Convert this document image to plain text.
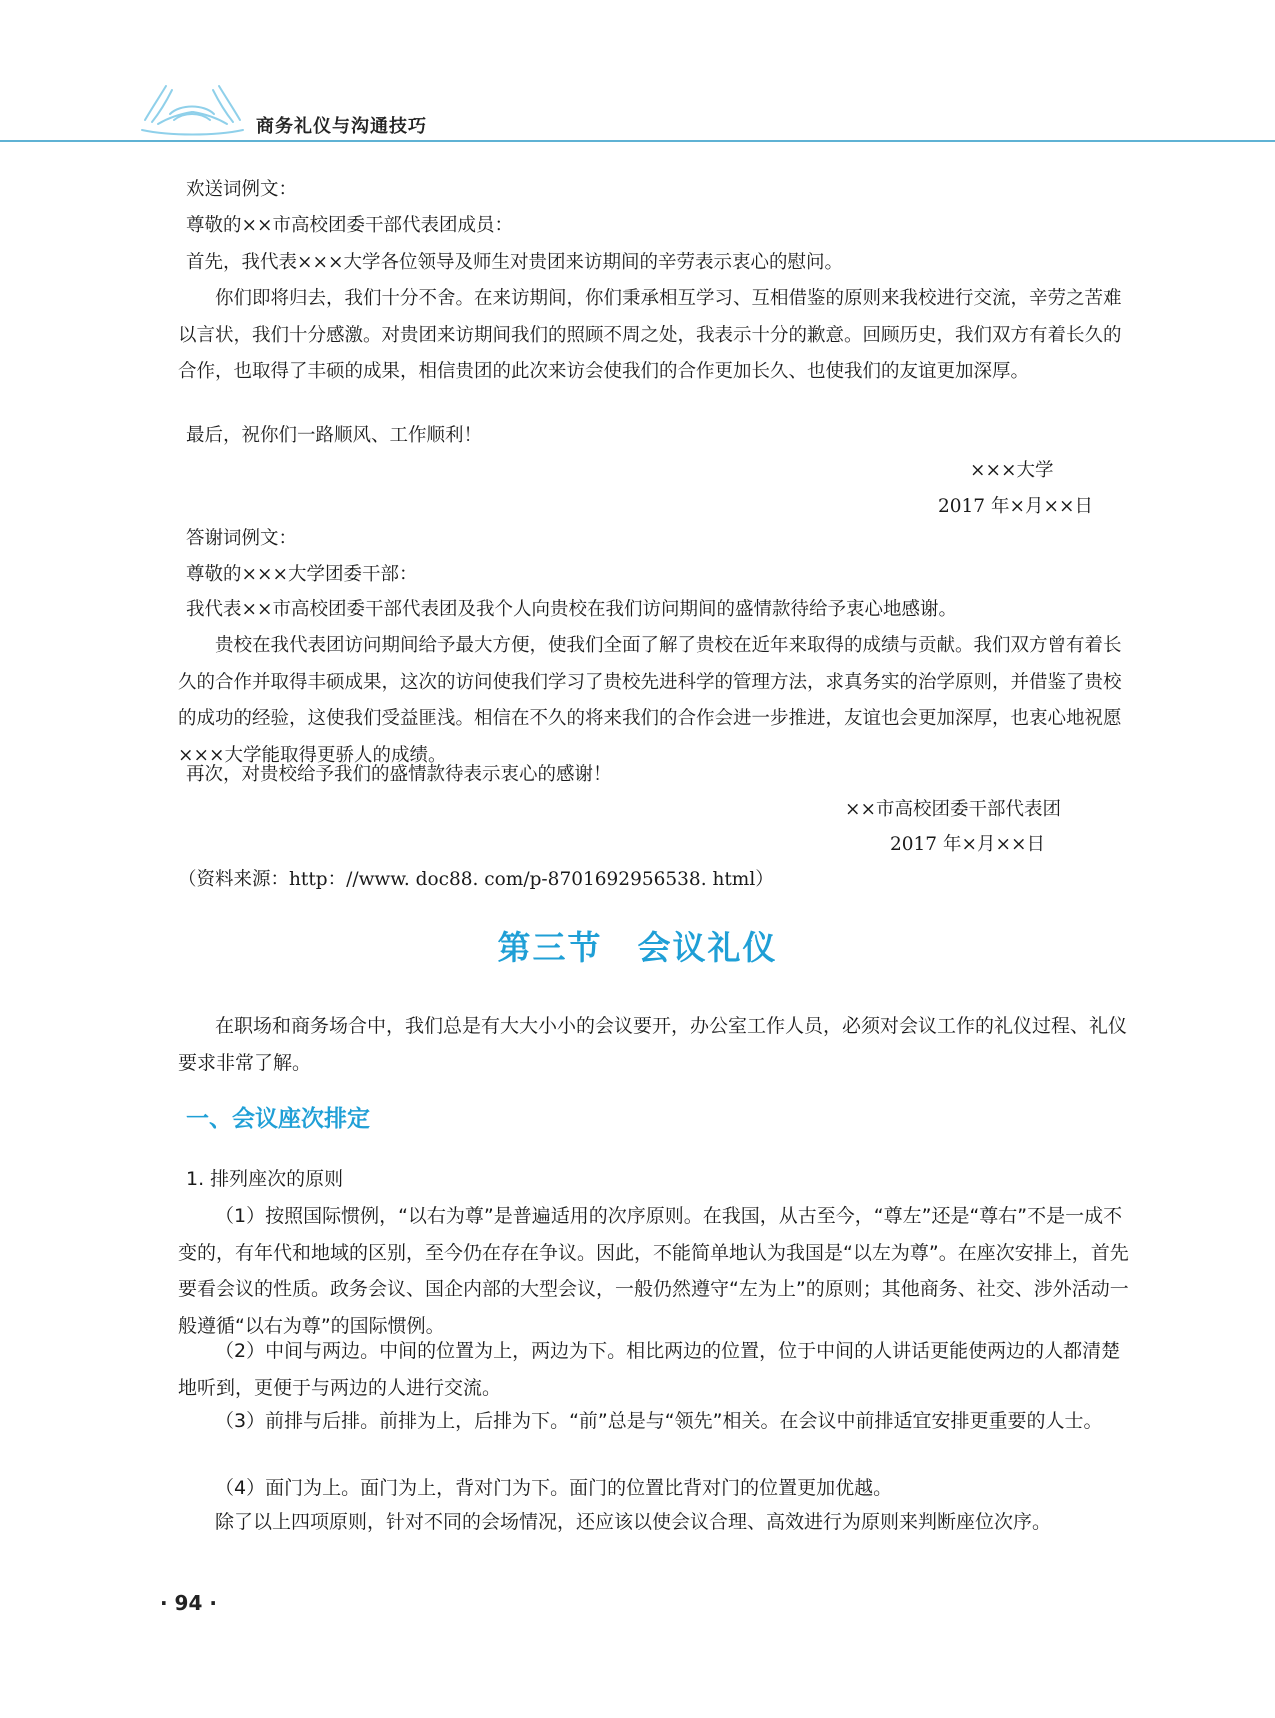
商务礼仪与沟通技巧

欢送词例文：

尊敬的××市高校团委干部代表团成员：

首先，我代表×××大学各位领导及师生对贵团来访期间的辛劳表示衷心的慰问。

你们即将归去，我们十分不舍。在来访期间，你们秉承相互学习、互相借鉴的原则来我校进行交流，辛劳之苦难以言状，我们十分感激。对贵团来访期间我们的照顾不周之处，我表示十分的歉意。回顾历史，我们双方有着长久的合作，也取得了丰硕的成果，相信贵团的此次来访会使我们的合作更加长久、也使我们的友谊更加深厚。

最后，祝你们一路顺风、工作顺利！

×××大学
2017 年×月××日

答谢词例文：

尊敬的×××大学团委干部：

我代表××市高校团委干部代表团及我个人向贵校在我们访问期间的盛情款待给予衷心地感谢。

贵校在我代表团访问期间给予最大方便，使我们全面了解了贵校在近年来取得的成绩与贡献。我们双方曾有着长久的合作并取得丰硕成果，这次的访问使我们学习了贵校先进科学的管理方法，求真务实的治学原则，并借鉴了贵校的成功的经验，这使我们受益匪浅。相信在不久的将来我们的合作会进一步推进，友谊也会更加深厚，也衷心地祝愿×××大学能取得更骄人的成绩。

再次，对贵校给予我们的盛情款待表示衷心的感谢！

××市高校团委干部代表团
2017 年×月××日

（资料来源：http：//www. doc88. com/p-8701692956538. html）

第三节　会议礼仪

在职场和商务场合中，我们总是有大大小小的会议要开，办公室工作人员，必须对会议工作的礼仪过程、礼仪要求非常了解。

一、会议座次排定

1. 排列座次的原则

（1）按照国际惯例，“以右为尊”是普遍适用的次序原则。在我国，从古至今，“尊左”还是“尊右”不是一成不变的，有年代和地域的区别，至今仍在存在争议。因此，不能简单地认为我国是“以左为尊”。在座次安排上，首先要看会议的性质。政务会议、国企内部的大型会议，一般仍然遵守“左为上”的原则；其他商务、社交、涉外活动一般遵循“以右为尊”的国际惯例。

（2）中间与两边。中间的位置为上，两边为下。相比两边的位置，位于中间的人讲话更能使两边的人都清楚地听到，更便于与两边的人进行交流。

（3）前排与后排。前排为上，后排为下。“前”总是与“领先”相关。在会议中前排适宜安排更重要的人士。

（4）面门为上。面门为上，背对门为下。面门的位置比背对门的位置更加优越。

除了以上四项原则，针对不同的会场情况，还应该以使会议合理、高效进行为原则来判断座位次序。

· 94 ·
